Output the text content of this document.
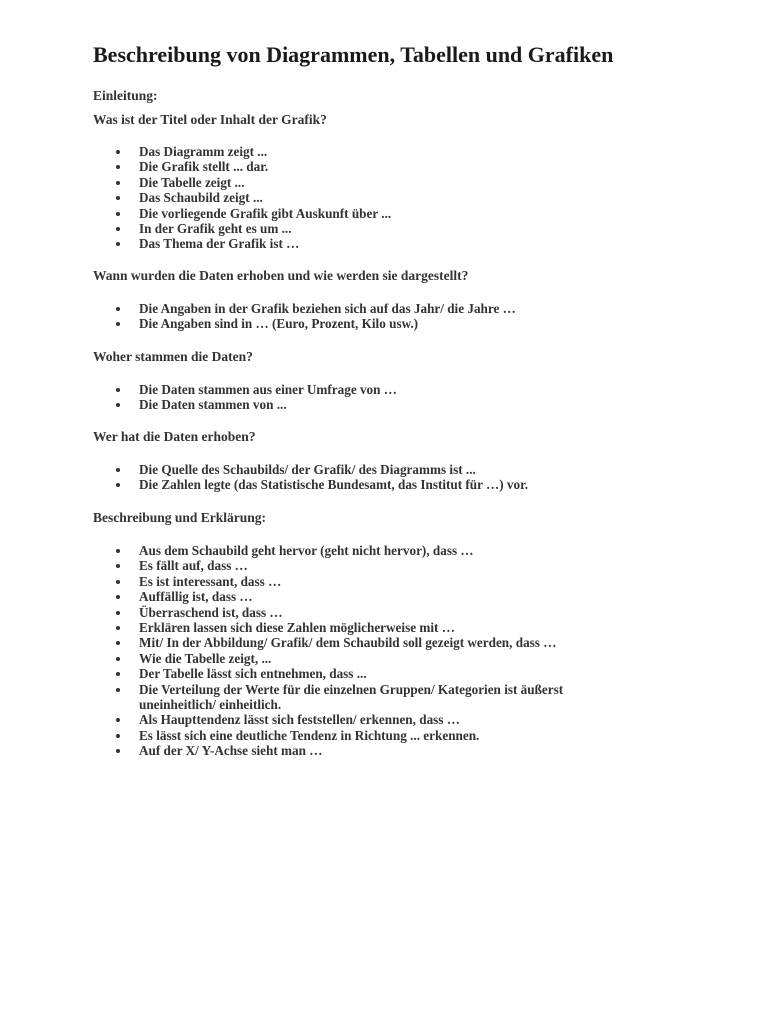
Beschreibung von Diagrammen, Tabellen und Grafiken

Einleitung:

Was ist der Titel oder Inhalt der Grafik?

Das Diagramm zeigt ...
Die Grafik stellt ... dar.
Die Tabelle zeigt ...
Das Schaubild zeigt ...
Die vorliegende Grafik gibt Auskunft über ...
In der Grafik geht es um ...
Das Thema der Grafik ist …

Wann wurden die Daten erhoben und wie werden sie dargestellt?

Die Angaben in der Grafik beziehen sich auf das Jahr/ die Jahre …
Die Angaben sind in … (Euro, Prozent, Kilo usw.)

Woher stammen die Daten?

Die Daten stammen aus einer Umfrage von …
Die Daten stammen von ...

Wer hat die Daten erhoben?

Die Quelle des Schaubilds/ der Grafik/ des Diagramms ist ...
Die Zahlen legte (das Statistische Bundesamt, das Institut für …) vor.

Beschreibung und Erklärung:

Aus dem Schaubild geht hervor (geht nicht hervor), dass …
Es fällt auf, dass …
Es ist interessant, dass …
Auffällig ist, dass …
Überraschend ist, dass …
Erklären lassen sich diese Zahlen möglicherweise mit …
Mit/ In der Abbildung/ Grafik/ dem Schaubild soll gezeigt werden, dass …
Wie die Tabelle zeigt, ...
Der Tabelle lässt sich entnehmen, dass ...
Die Verteilung der Werte für die einzelnen Gruppen/ Kategorien ist äußerst uneinheitlich/ einheitlich.
Als Haupttendenz lässt sich feststellen/ erkennen, dass …
Es lässt sich eine deutliche Tendenz in Richtung ... erkennen.
Auf der X/ Y-Achse sieht man …
